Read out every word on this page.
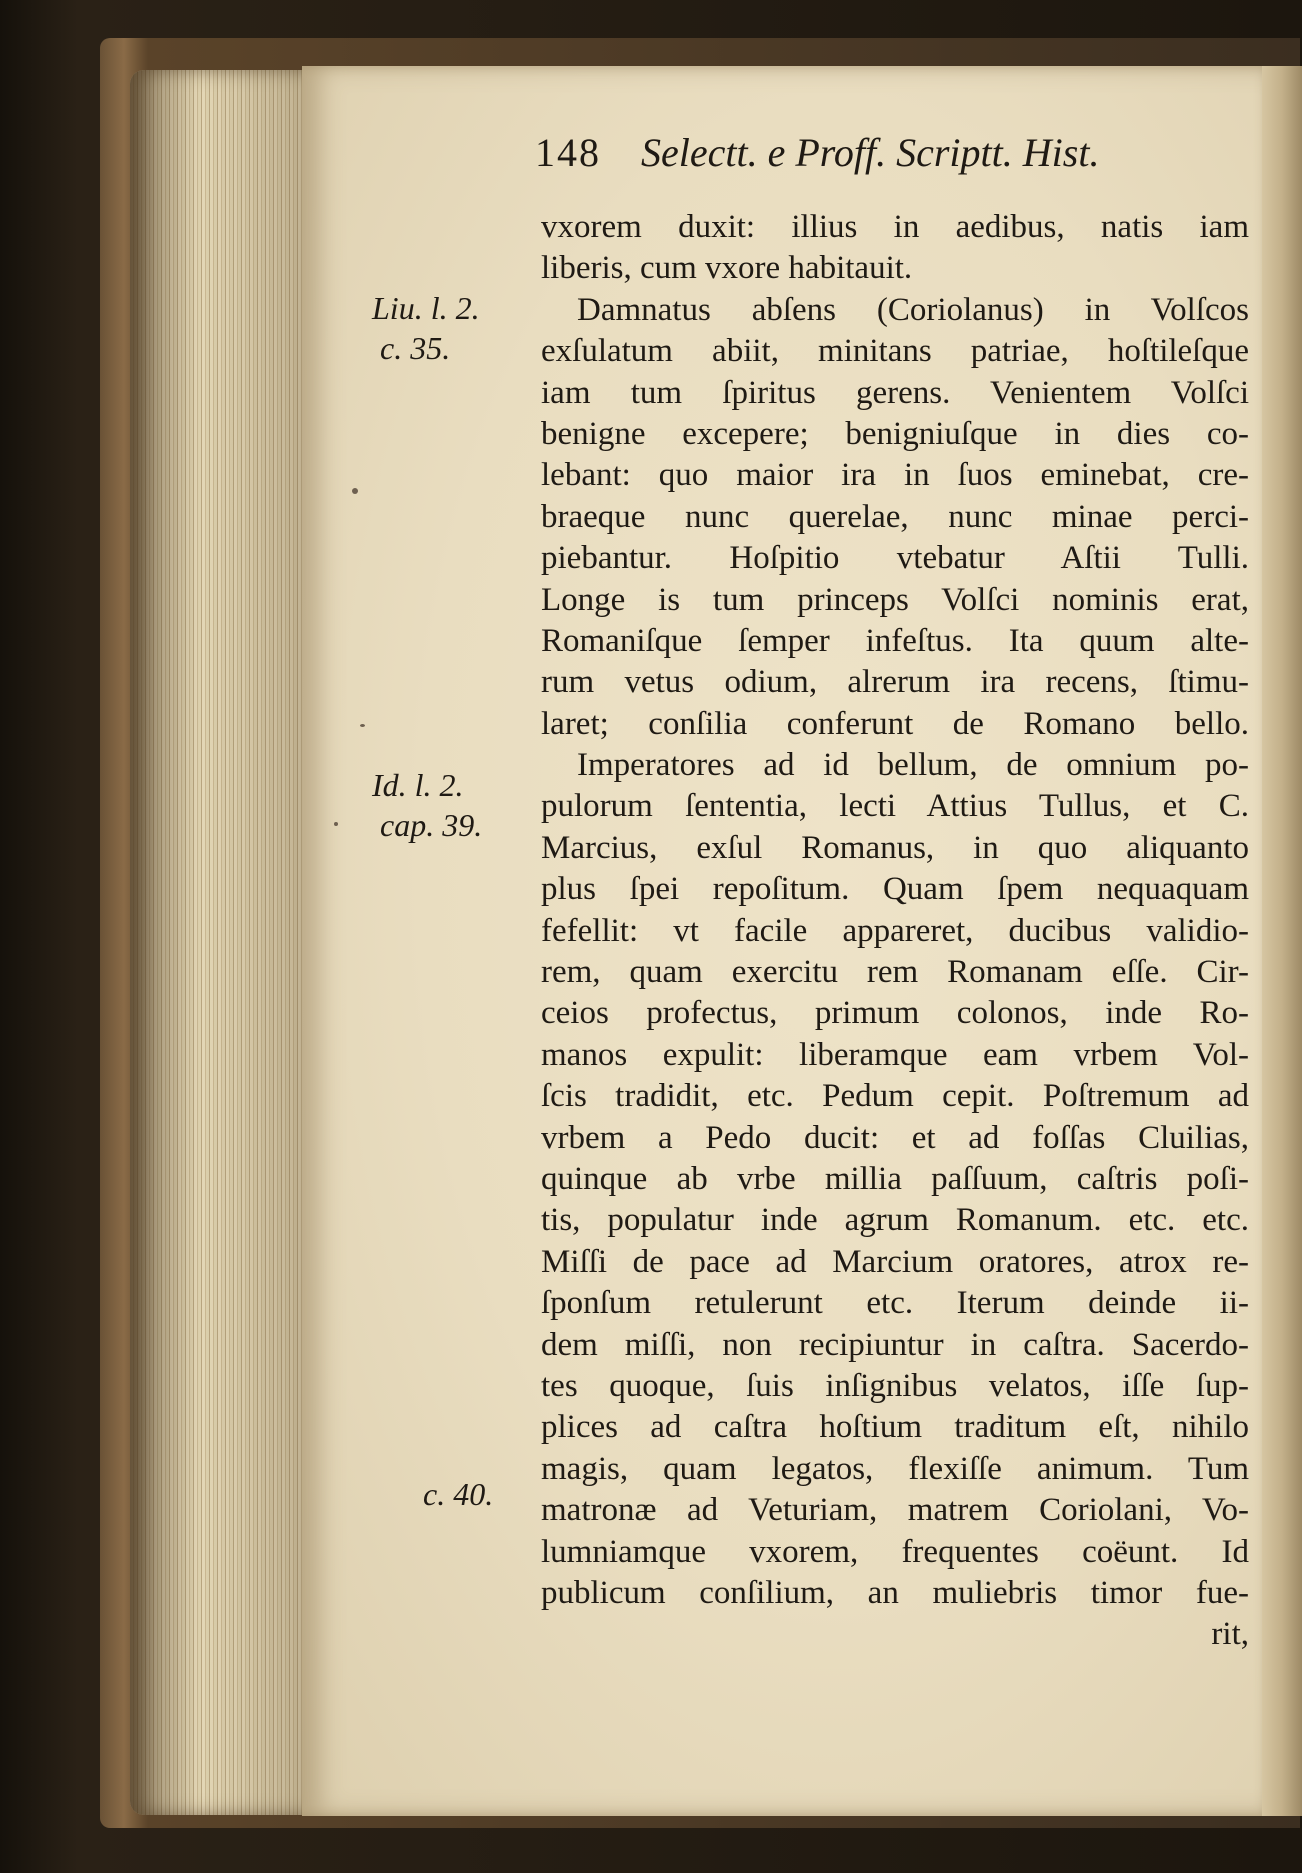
148 Selectt. e Proff. Scriptt. Hist.
Liu. l. 2.
c. 35.
Id. l. 2.
cap. 39.
c. 40.
vxorem duxit: illius in aedibus, natis iam
liberis, cum vxore habitauit.
Damnatus abſens (Coriolanus) in Volſcos
exſulatum abiit, minitans patriae, hoſtileſque
iam tum ſpiritus gerens. Venientem Volſci
benigne excepere; benigniuſque in dies co-
lebant: quo maior ira in ſuos eminebat, cre-
braeque nunc querelae, nunc minae perci-
piebantur. Hoſpitio vtebatur Aſtii Tulli.
Longe is tum princeps Volſci nominis erat,
Romaniſque ſemper infeſtus. Ita quum alte-
rum vetus odium, alrerum ira recens, ſtimu-
laret; conſilia conferunt de Romano bello.
Imperatores ad id bellum, de omnium po-
pulorum ſententia, lecti Attius Tullus, et C.
Marcius, exſul Romanus, in quo aliquanto
plus ſpei repoſitum. Quam ſpem nequaquam
fefellit: vt facile appareret, ducibus validio-
rem, quam exercitu rem Romanam eſſe. Cir-
ceios profectus, primum colonos, inde Ro-
manos expulit: liberamque eam vrbem Vol-
ſcis tradidit, etc. Pedum cepit. Poſtremum ad
vrbem a Pedo ducit: et ad foſſas Cluilias,
quinque ab vrbe millia paſſuum, caſtris poſi-
tis, populatur inde agrum Romanum. etc. etc.
Miſſi de pace ad Marcium oratores, atrox re-
ſponſum retulerunt etc. Iterum deinde ii-
dem miſſi, non recipiuntur in caſtra. Sacerdo-
tes quoque, ſuis inſignibus velatos, iſſe ſup-
plices ad caſtra hoſtium traditum eſt, nihilo
magis, quam legatos, flexiſſe animum. Tum
matronæ ad Veturiam, matrem Coriolani, Vo-
lumniamque vxorem, frequentes coëunt. Id
publicum conſilium, an muliebris timor fue-
rit,
